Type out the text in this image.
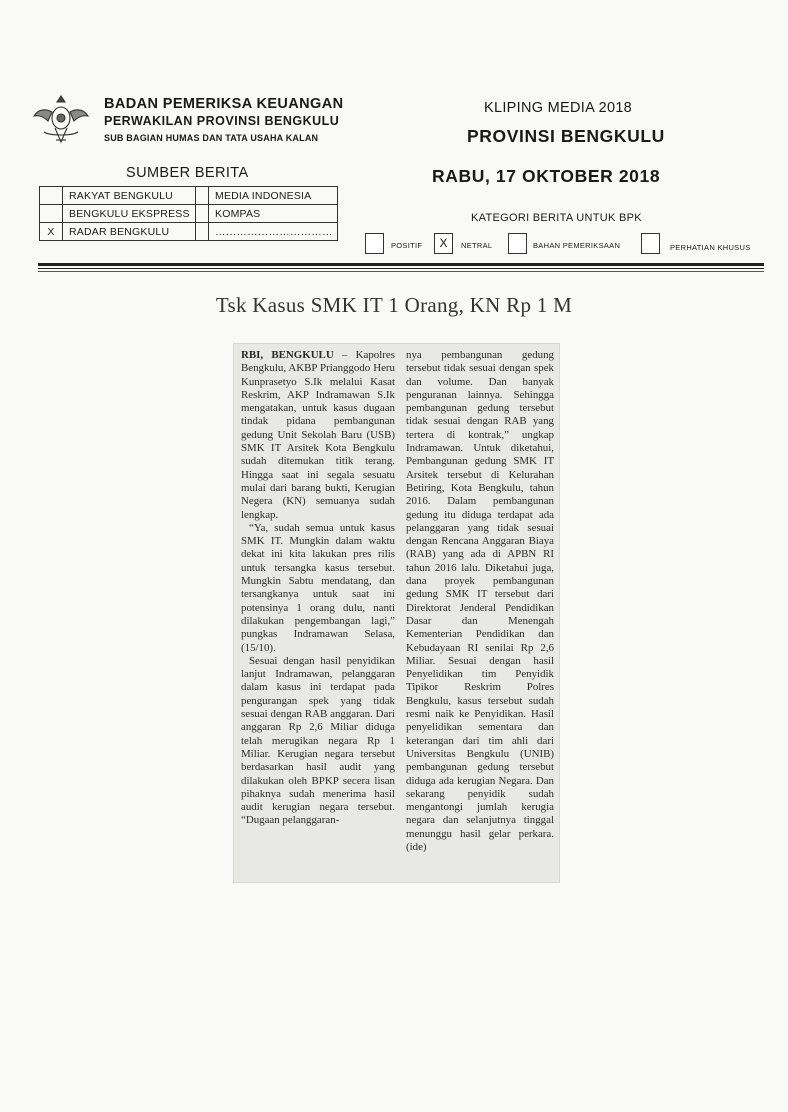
BADAN PEMERIKSA KEUANGAN
PERWAKILAN PROVINSI BENGKULU
SUB BAGIAN HUMAS DAN TATA USAHA KALAN
KLIPING MEDIA 2018
PROVINSI BENGKULU
RABU, 17 OKTOBER 2018
SUMBER BERITA
	RAKYAT BENGKULU		MEDIA INDONESIA
	BENGKULU EKSPRESS		KOMPAS
X	RADAR BENGKULU		……………………………
KATEGORI BERITA UNTUK BPK
POSITIF	X	NETRAL	BAHAN PEMERIKSAAN	PERHATIAN KHUSUS
Tsk Kasus SMK IT 1 Orang, KN Rp 1 M

RBI, BENGKULU – Kapolres Bengkulu, AKBP Prianggodo Heru Kunprasetyo S.Ik melalui Kasat Reskrim, AKP Indramawan S.Ik mengatakan, untuk kasus dugaan tindak pidana pembangunan gedung Unit Sekolah Baru (USB) SMK IT Arsitek Kota Bengkulu sudah ditemukan titik terang. Hingga saat ini segala sesuatu mulai dari barang bukti, Kerugian Negera (KN) semuanya sudah lengkap.

“Ya, sudah semua untuk kasus SMK IT. Mungkin dalam waktu dekat ini kita lakukan pres rilis untuk tersangka kasus tersebut. Mungkin Sabtu mendatang, dan tersangkanya untuk saat ini potensinya 1 orang dulu, nanti dilakukan pengembangan lagi,” pungkas Indramawan Selasa, (15/10).

Sesuai dengan hasil penyidikan lanjut Indramawan, pelanggaran dalam kasus ini terdapat pada pengurangan spek yang tidak sesuai dengan RAB anggaran. Dari anggaran Rp 2,6 Miliar diduga telah merugikan negara Rp 1 Miliar. Kerugian negara tersebut berdasarkan hasil audit yang dilakukan oleh BPKP secera lisan pihaknya sudah menerima hasil audit kerugian negara tersebut. “Dugaan pelanggaran-

nya pembangunan gedung tersebut tidak sesuai dengan spek dan volume. Dan banyak penguranan lainnya. Sehingga pembangunan gedung tersebut tidak sesuai dengan RAB yang tertera di kontrak,” ungkap Indramawan. Untuk diketahui, Pembangunan gedung SMK IT Arsitek tersebut di Kelurahan Betiring, Kota Bengkulu, tahun 2016. Dalam pembangunan gedung itu diduga terdapat ada pelanggaran yang tidak sesuai dengan Rencana Anggaran Biaya (RAB) yang ada di APBN RI tahun 2016 lalu. Diketahui juga, dana proyek pembangunan gedung SMK IT tersebut dari Direktorat Jenderal Pendidikan Dasar dan Menengah Kementerian Pendidikan dan Kebudayaan RI senilai Rp 2,6 Miliar. Sesuai dengan hasil Penyelidikan tim Penyidik Tipikor Reskrim Polres Bengkulu, kasus tersebut sudah resmi naik ke Penyidikan. Hasil penyelidikan sementara dan keterangan dari tim ahli dari Universitas Bengkulu (UNIB) pembangunan gedung tersebut diduga ada kerugian Negara. Dan sekarang penyidik sudah mengantongi jumlah kerugia negara dan selanjutnya tinggal menunggu hasil gelar perkara.(ide)
